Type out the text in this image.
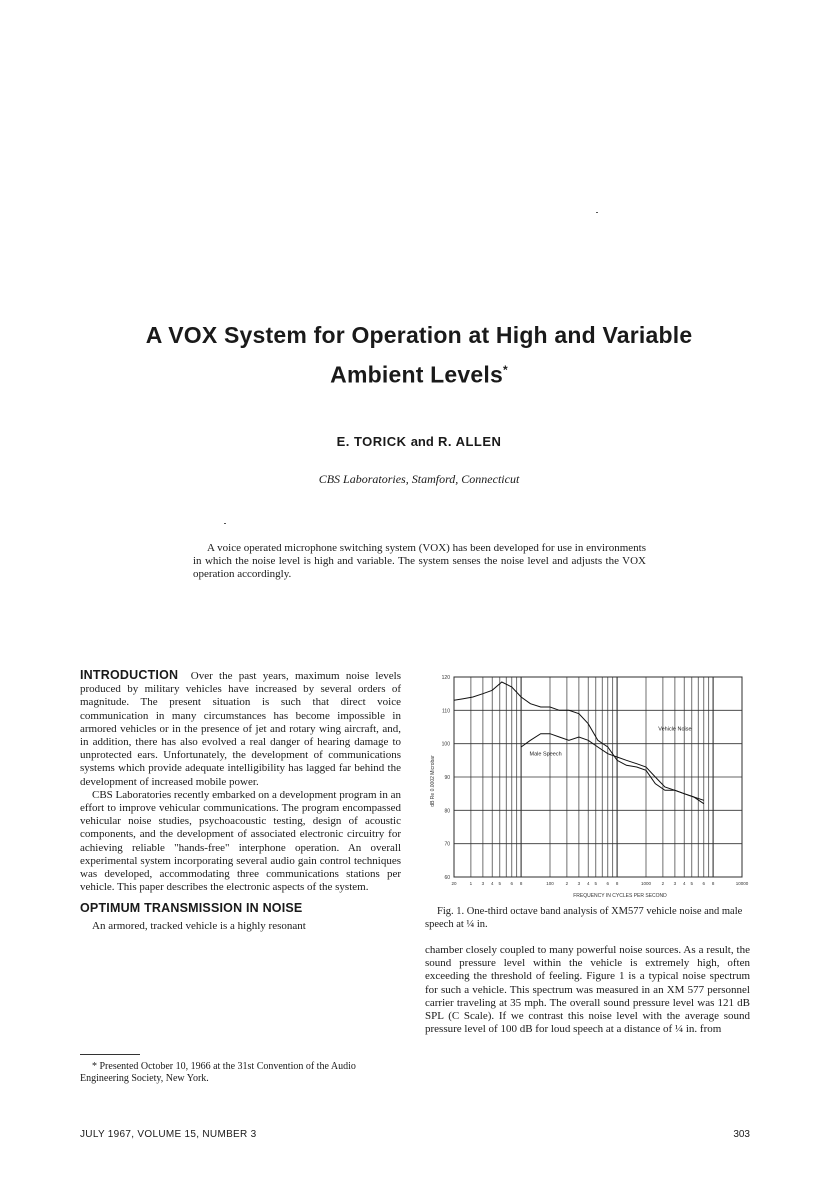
A VOX System for Operation at High and Variable
Ambient Levels*
E. TORICK and R. ALLEN
CBS Laboratories, Stamford, Connecticut

A voice operated microphone switching system (VOX) has been developed for use in environments in which the noise level is high and variable. The system senses the noise level and adjusts the VOX operation accordingly.

INTRODUCTION Over the past years, maximum noise levels produced by military vehicles have increased by several orders of magnitude. The present situation is such that direct voice communication in many circumstances has become impossible in armored vehicles or in the presence of jet and rotary wing aircraft, and, in addition, there has also evolved a real danger of hearing damage to unprotected ears. Unfortunately, the development of communications systems which provide adequate intelligibility has lagged far behind the development of increased mobile power.

CBS Laboratories recently embarked on a development program in an effort to improve vehicular communications. The program encompassed vehicular noise studies, psychoacoustic testing, design of acoustic components, and the development of associated electronic circuitry for achieving reliable "hands-free" interphone operation. An overall experimental system incorporating several audio gain control techniques was developed, accommodating three communications stations per vehicle. This paper describes the electronic aspects of the system.

OPTIMUM TRANSMISSION IN NOISE

An armored, tracked vehicle is a highly resonant

* Presented October 10, 1966 at the 31st Convention of the Audio Engineering Society, New York.
JULY 1967, VOLUME 15, NUMBER 3	303
60
70
80
90
100
110
120
20	1 3 4 5 6 8	100	2 3 4 5 6 8	1000 2 3 4 5 6 8	10000
Vehicle Noise
Male Speech
dB Re 0.0002 Microbar
FREQUENCY IN CYCLES PER SECOND

Fig. 1. One-third octave band analysis of XM577 vehicle noise and male speech at ¼ in.

chamber closely coupled to many powerful noise sources. As a result, the sound pressure level within the vehicle is extremely high, often exceeding the threshold of feeling. Figure 1 is a typical noise spectrum for such a vehicle. This spectrum was measured in an XM 577 personnel carrier traveling at 35 mph. The overall sound pressure level was 121 dB SPL (C Scale). If we contrast this noise level with the average sound pressure level of 100 dB for loud speech at a distance of ¼ in. from
